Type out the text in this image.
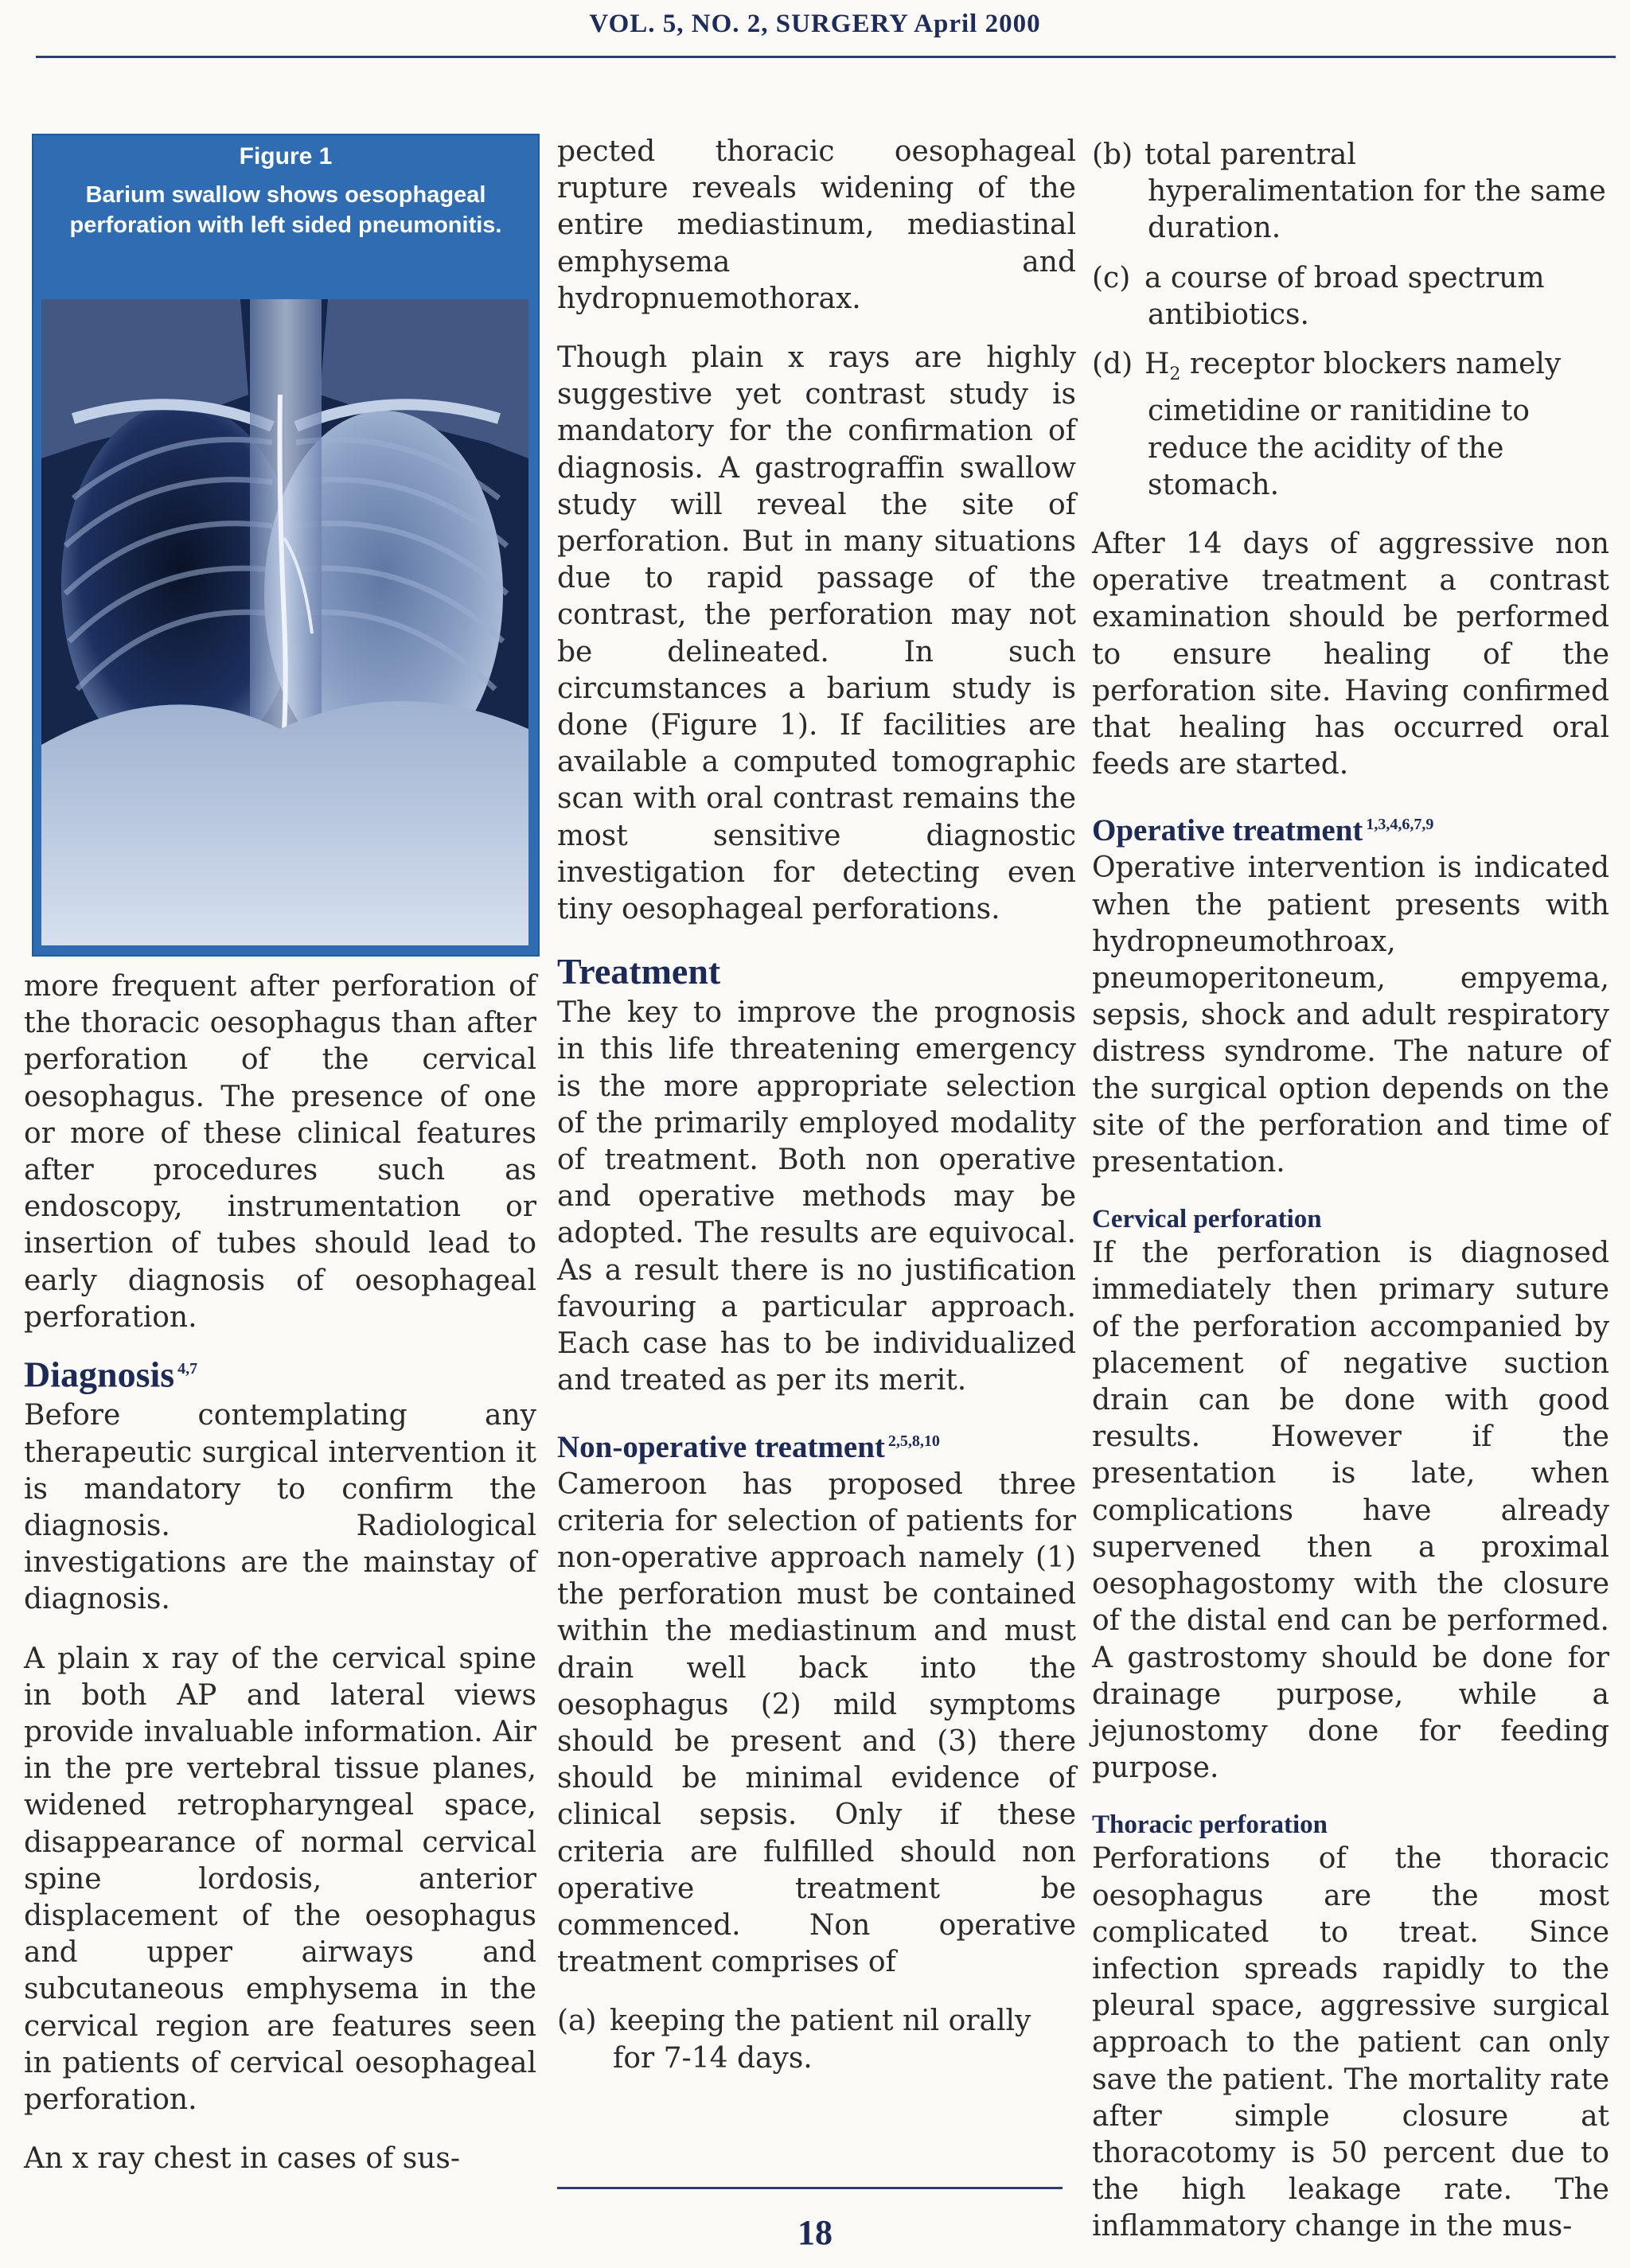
VOL. 5, NO. 2, SURGERY April 2000
Figure 1
Barium swallow shows oesophageal perforation with left sided pneumonitis.

more frequent after perforation of the thoracic oesophagus than after perforation of the cervical oesophagus. The presence of one or more of these clinical features after procedures such as endoscopy, instrumentation or insertion of tubes should lead to early diagnosis of oesophageal perforation.

Diagnosis $^{4,7}$

Before contemplating any therapeutic surgical intervention it is mandatory to confirm the diagnosis. Radiological investigations are the mainstay of diagnosis.

A plain x ray of the cervical spine in both AP and lateral views provide invaluable information. Air in the pre vertebral tissue planes, widened retropharyngeal space, disappearance of normal cervical spine lordosis, anterior displacement of the oesophagus and upper airways and subcutaneous emphysema in the cervical region are features seen in patients of cervical oesophageal perforation.

An x ray chest in cases of sus-

pected thoracic oesophageal rupture reveals widening of the entire mediastinum, mediastinal emphysema and hydropnuemothorax.

Though plain x rays are highly suggestive yet contrast study is mandatory for the confirmation of diagnosis. A gastrograffin swallow study will reveal the site of perforation. But in many situations due to rapid passage of the contrast, the perforation may not be delineated. In such circumstances a barium study is done (Figure 1). If facilities are available a computed tomographic scan with oral contrast remains the most sensitive diagnostic investigation for detecting even tiny oesophageal perforations.

Treatment

The key to improve the prognosis in this life threatening emergency is the more appropriate selection of the primarily employed modality of treatment. Both non operative and operative methods may be adopted. The results are equivocal. As a result there is no justification favouring a particular approach. Each case has to be individualized and treated as per its merit.

Non-operative treatment $^{2,5,8,10}$

Cameroon has proposed three criteria for selection of patients for non-operative approach namely (1) the perforation must be contained within the mediastinum and must drain well back into the oesophagus (2) mild symptoms should be present and (3) there should be minimal evidence of clinical sepsis. Only if these criteria are fulfilled should non operative treatment be commenced. Non operative treatment comprises of

(a) keeping the patient nil orally for 7-14 days.

(b) total parentral hyperalimentation for the same duration.

(c) a course of broad spectrum antibiotics.

(d) $H_2$ receptor blockers namely cimetidine or ranitidine to reduce the acidity of the stomach.

After 14 days of aggressive non operative treatment a contrast examination should be performed to ensure healing of the perforation site. Having confirmed that healing has occurred oral feeds are started.

Operative treatment $^{1,3,4,6,7,9}$

Operative intervention is indicated when the patient presents with hydropneumothroax, pneumoperitoneum, empyema, sepsis, shock and adult respiratory distress syndrome. The nature of the surgical option depends on the site of the perforation and time of presentation.

Cervical perforation

If the perforation is diagnosed immediately then primary suture of the perforation accompanied by placement of negative suction drain can be done with good results. However if the presentation is late, when complications have already supervened then a proximal oesophagostomy with the closure of the distal end can be performed. A gastrostomy should be done for drainage purpose, while a jejunostomy done for feeding purpose.

Thoracic perforation

Perforations of the thoracic oesophagus are the most complicated to treat. Since infection spreads rapidly to the pleural space, aggressive surgical approach to the patient can only save the patient. The mortality rate after simple closure at thoracotomy is 50 percent due to the high leakage rate. The inflammatory change in the mus-

18
